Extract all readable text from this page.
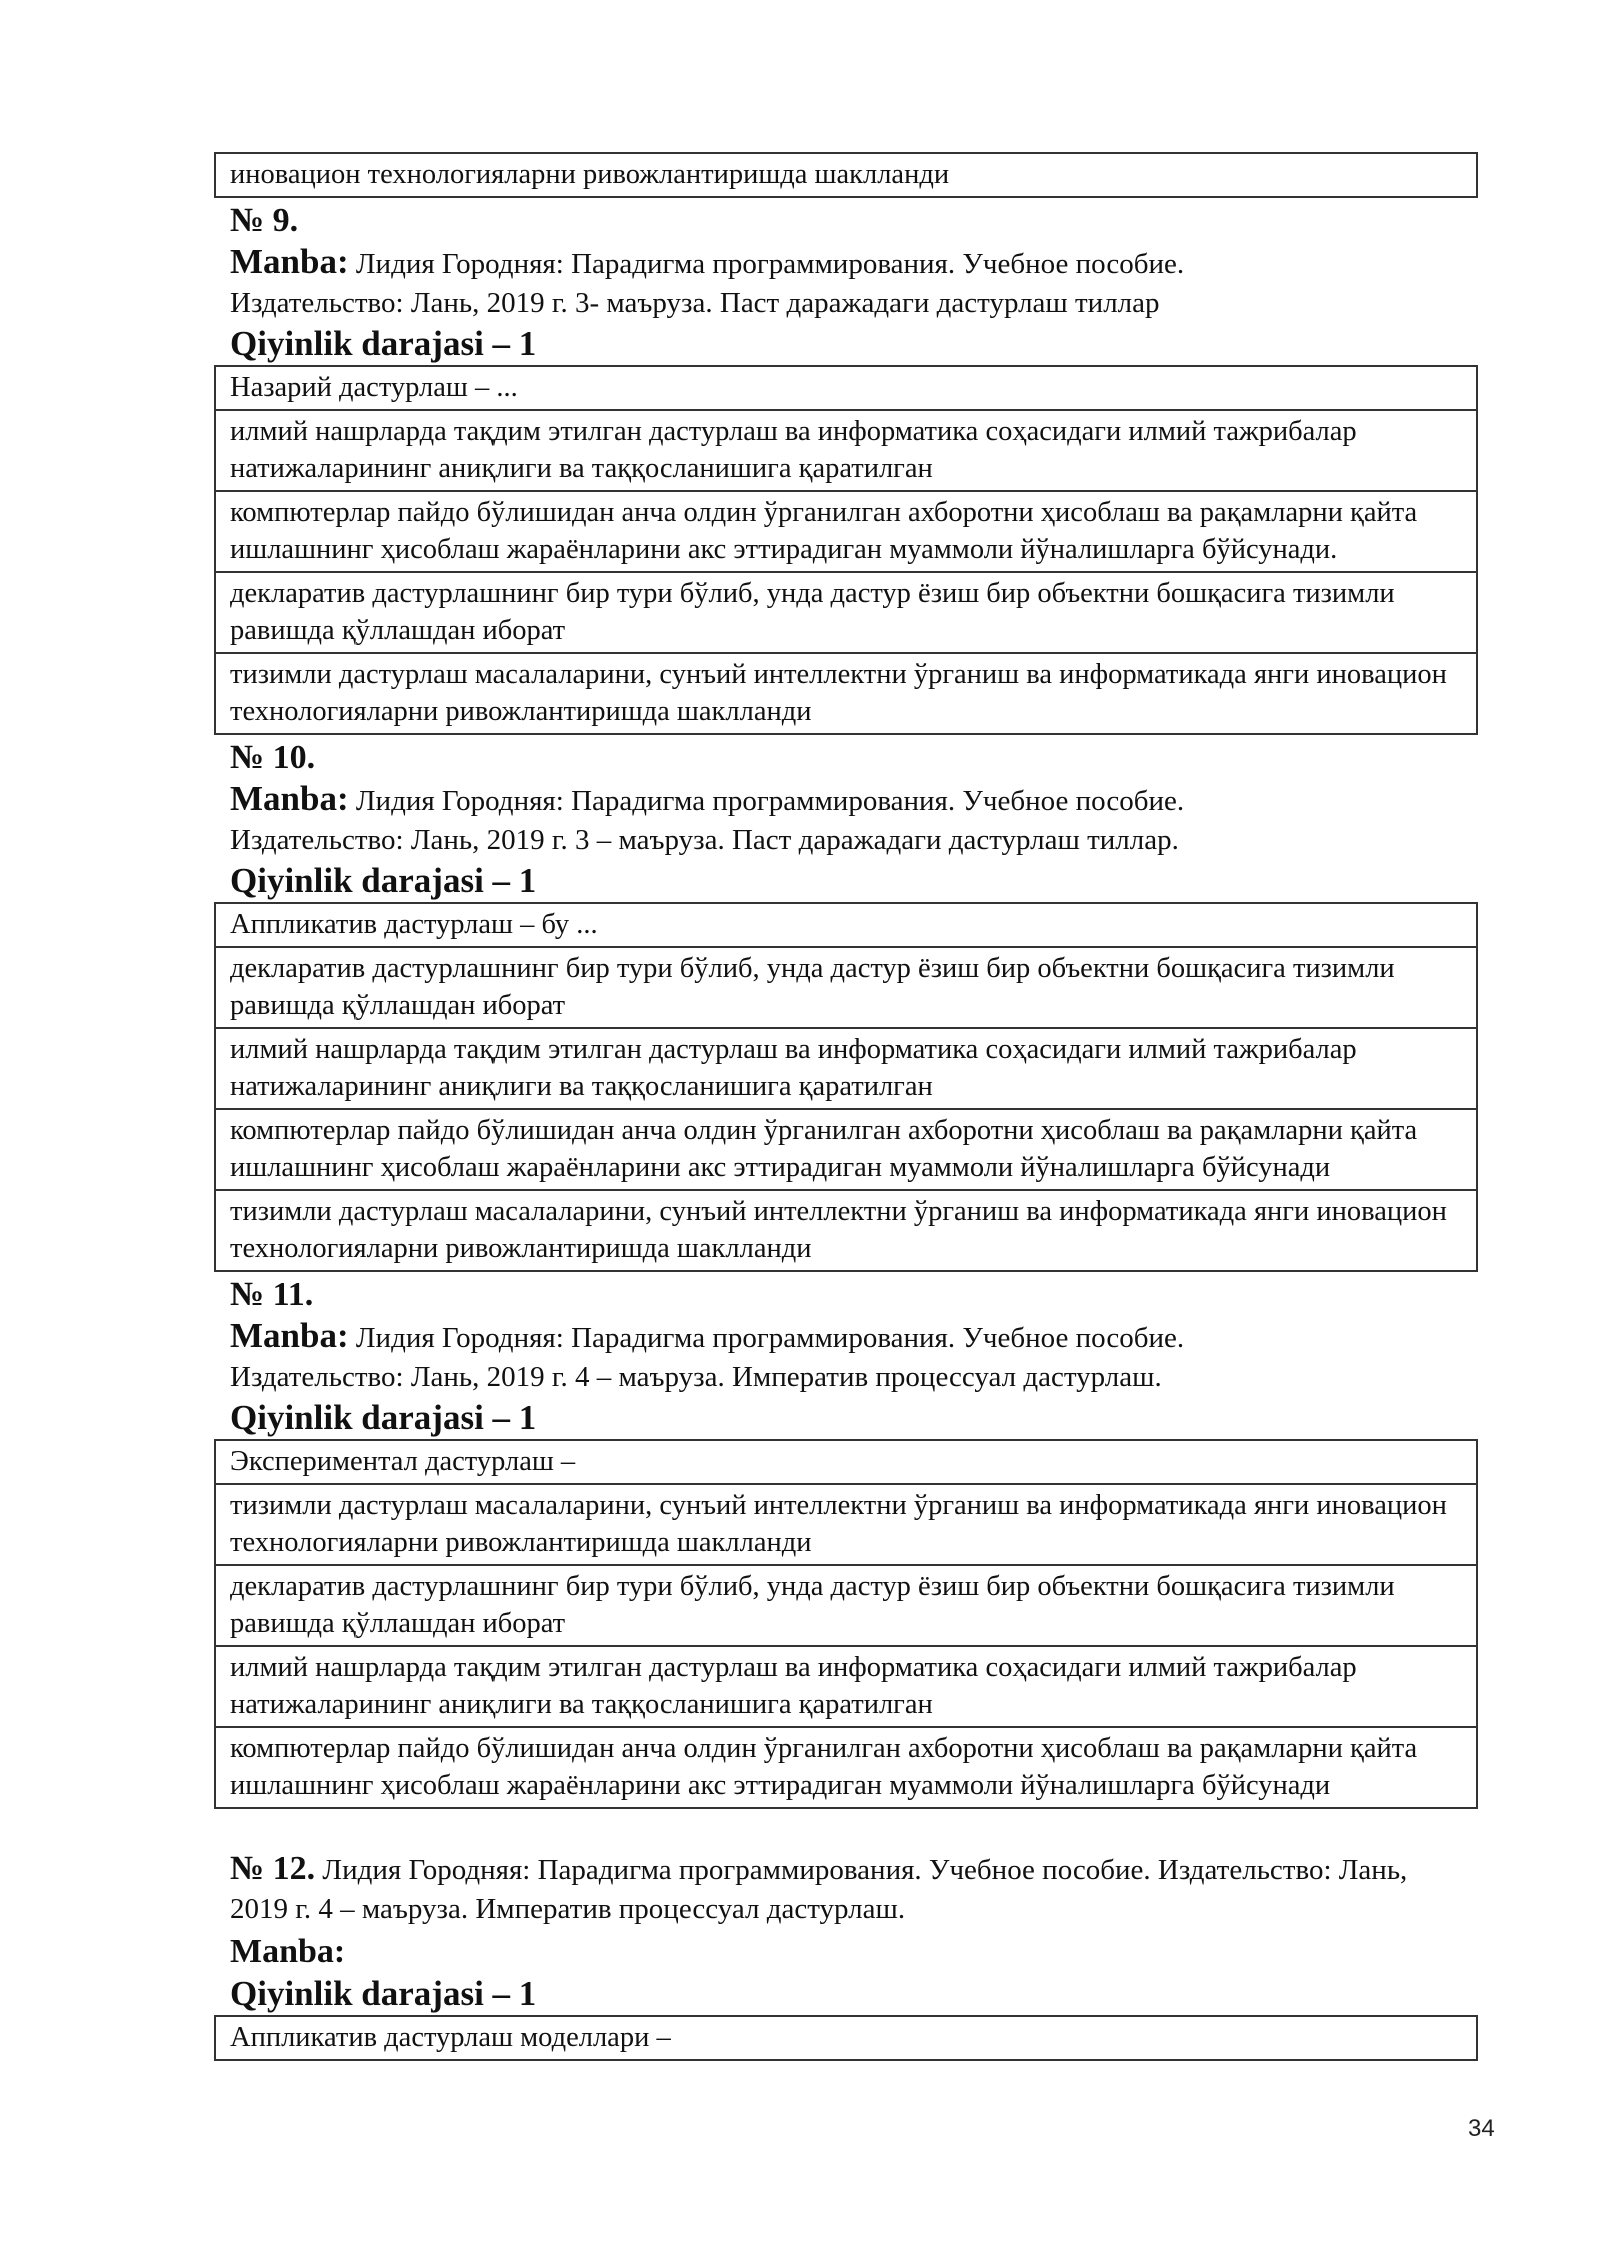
иновацион технологияларни ривожлантиришда шаклланди
№ 9.
Manba: Лидия Городняя: Парадигма программирования. Учебное пособие.
Издательство: Лань, 2019 г. 3- маъруза. Паст даражадаги дастурлаш тиллар
Qiyinlik darajasi – 1
Назарий дастурлаш – ...
илмий нашрларда тақдим этилган дастурлаш ва информатика соҳасидаги илмий тажрибалар натижаларининг аниқлиги ва таққосланишига қаратилган
компютерлар пайдо бўлишидан анча олдин ўрганилган ахборотни ҳисоблаш ва рақамларни қайта ишлашнинг ҳисоблаш жараёнларини акс эттирадиган муаммоли йўналишларга бўйсунади.
декларатив дастурлашнинг бир тури бўлиб, унда дастур ёзиш бир объектни бошқасига тизимли равишда қўллашдан иборат
тизимли дастурлаш масалаларини, сунъий интеллектни ўрганиш ва информатикада янги иновацион технологияларни ривожлантиришда шаклланди
№ 10.
Manba: Лидия Городняя: Парадигма программирования. Учебное пособие.
Издательство: Лань, 2019 г. 3 – маъруза. Паст даражадаги дастурлаш тиллар.
Qiyinlik darajasi – 1
Аппликатив дастурлаш – бу ...
декларатив дастурлашнинг бир тури бўлиб, унда дастур ёзиш бир объектни бошқасига тизимли равишда қўллашдан иборат
илмий нашрларда тақдим этилган дастурлаш ва информатика соҳасидаги илмий тажрибалар натижаларининг аниқлиги ва таққосланишига қаратилган
компютерлар пайдо бўлишидан анча олдин ўрганилган ахборотни ҳисоблаш ва рақамларни қайта ишлашнинг ҳисоблаш жараёнларини акс эттирадиган муаммоли йўналишларга бўйсунади
тизимли дастурлаш масалаларини, сунъий интеллектни ўрганиш ва информатикада янги иновацион технологияларни ривожлантиришда шаклланди
№ 11.
Manba: Лидия Городняя: Парадигма программирования. Учебное пособие.
Издательство: Лань, 2019 г. 4 – маъруза. Императив процессуал дастурлаш.
Qiyinlik darajasi – 1
Экспериментал дастурлаш –
тизимли дастурлаш масалаларини, сунъий интеллектни ўрганиш ва информатикада янги иновацион технологияларни ривожлантиришда шаклланди
декларатив дастурлашнинг бир тури бўлиб, унда дастур ёзиш бир объектни бошқасига тизимли равишда қўллашдан иборат
илмий нашрларда тақдим этилган дастурлаш ва информатика соҳасидаги илмий тажрибалар натижаларининг аниқлиги ва таққосланишига қаратилган
компютерлар пайдо бўлишидан анча олдин ўрганилган ахборотни ҳисоблаш ва рақамларни қайта ишлашнинг ҳисоблаш жараёнларини акс эттирадиган муаммоли йўналишларга бўйсунади
№ 12. Лидия Городняя: Парадигма программирования. Учебное пособие. Издательство: Лань, 2019 г. 4 – маъруза. Императив процессуал дастурлаш.
Manba:
Qiyinlik darajasi – 1
Аппликатив дастурлаш моделлари –
34
